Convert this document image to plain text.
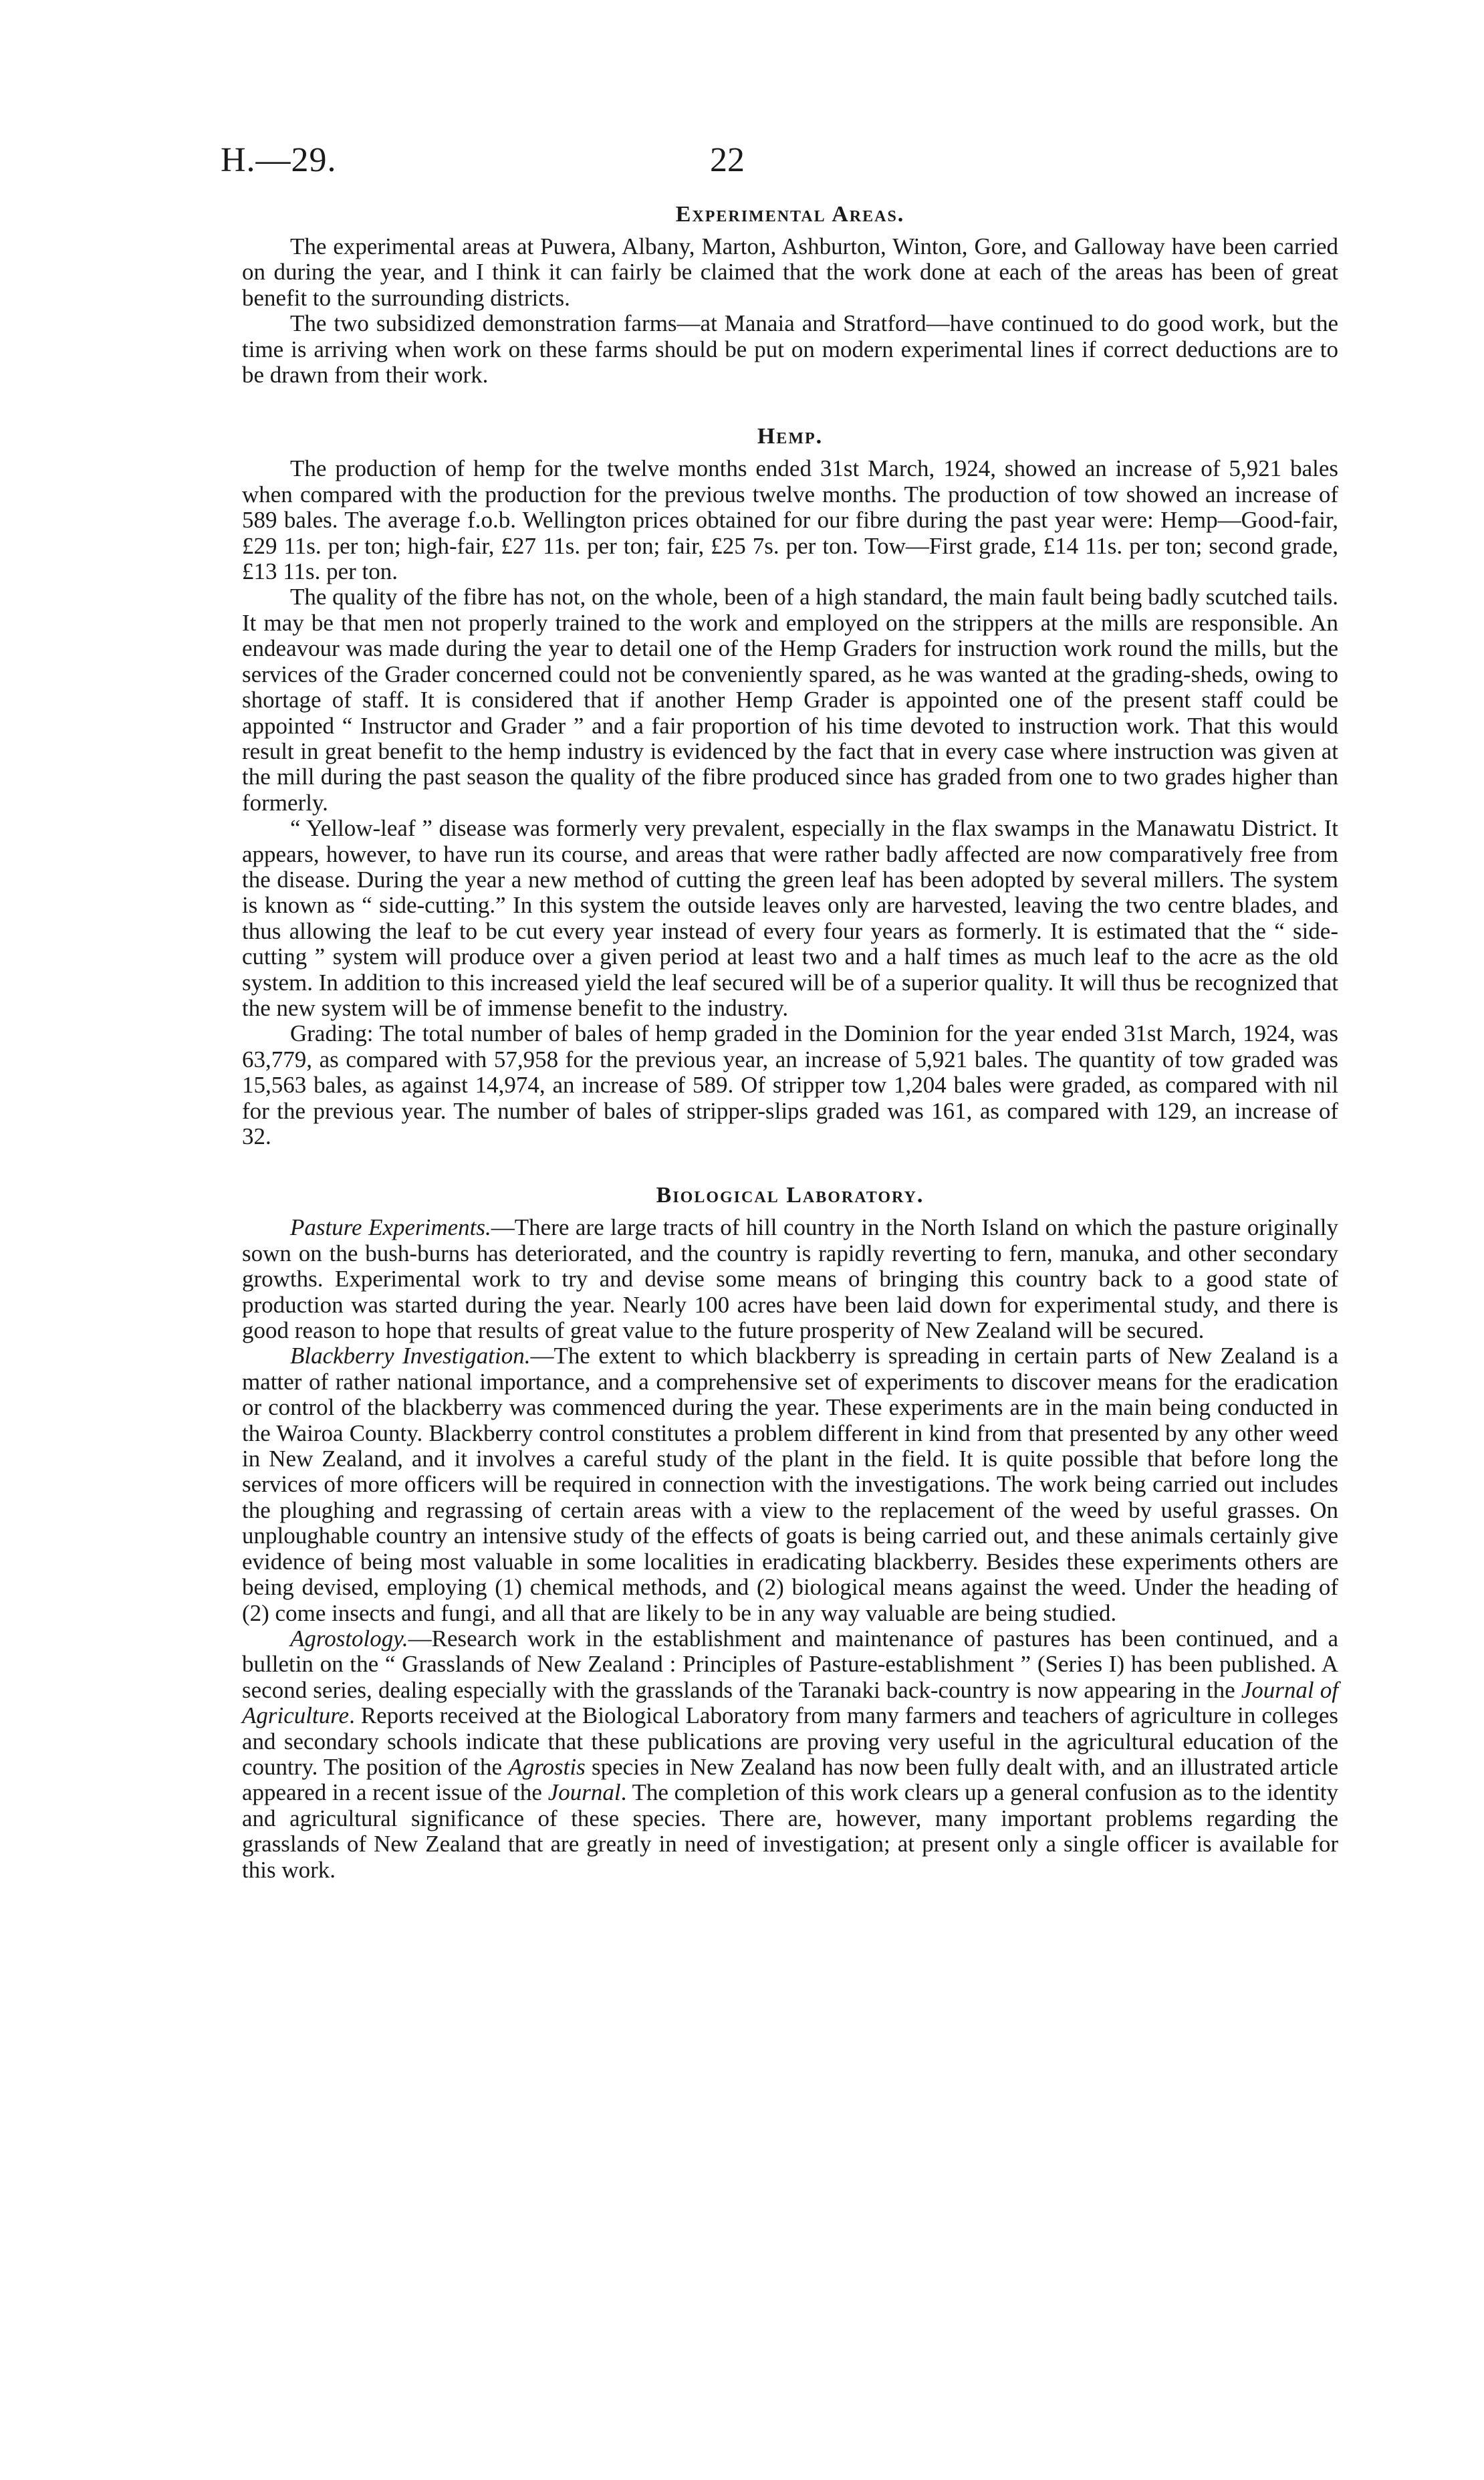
H.—29.	22
Experimental Areas.

The experimental areas at Puwera, Albany, Marton, Ashburton, Winton, Gore, and Galloway have been carried on during the year, and I think it can fairly be claimed that the work done at each of the areas has been of great benefit to the surrounding districts.

The two subsidized demonstration farms—at Manaia and Stratford—have continued to do good work, but the time is arriving when work on these farms should be put on modern experimental lines if correct deductions are to be drawn from their work.

Hemp.

The production of hemp for the twelve months ended 31st March, 1924, showed an increase of 5,921 bales when compared with the production for the previous twelve months. The production of tow showed an increase of 589 bales. The average f.o.b. Wellington prices obtained for our fibre during the past year were: Hemp—Good-fair, £29 11s. per ton; high-fair, £27 11s. per ton; fair, £25 7s. per ton. Tow—First grade, £14 11s. per ton; second grade, £13 11s. per ton.

The quality of the fibre has not, on the whole, been of a high standard, the main fault being badly scutched tails. It may be that men not properly trained to the work and employed on the strippers at the mills are responsible. An endeavour was made during the year to detail one of the Hemp Graders for instruction work round the mills, but the services of the Grader concerned could not be conveniently spared, as he was wanted at the grading-sheds, owing to shortage of staff. It is considered that if another Hemp Grader is appointed one of the present staff could be appointed “ Instructor and Grader ” and a fair proportion of his time devoted to instruction work. That this would result in great benefit to the hemp industry is evidenced by the fact that in every case where instruction was given at the mill during the past season the quality of the fibre produced since has graded from one to two grades higher than formerly.

“ Yellow-leaf ” disease was formerly very prevalent, especially in the flax swamps in the Manawatu District. It appears, however, to have run its course, and areas that were rather badly affected are now comparatively free from the disease. During the year a new method of cutting the green leaf has been adopted by several millers. The system is known as “ side-cutting.” In this system the outside leaves only are harvested, leaving the two centre blades, and thus allowing the leaf to be cut every year instead of every four years as formerly. It is estimated that the “ side-cutting ” system will produce over a given period at least two and a half times as much leaf to the acre as the old system. In addition to this increased yield the leaf secured will be of a superior quality. It will thus be recognized that the new system will be of immense benefit to the industry.

Grading: The total number of bales of hemp graded in the Dominion for the year ended 31st March, 1924, was 63,779, as compared with 57,958 for the previous year, an increase of 5,921 bales. The quantity of tow graded was 15,563 bales, as against 14,974, an increase of 589. Of stripper tow 1,204 bales were graded, as compared with nil for the previous year. The number of bales of stripper-slips graded was 161, as compared with 129, an increase of 32.

Biological Laboratory.

Pasture Experiments.—There are large tracts of hill country in the North Island on which the pasture originally sown on the bush-burns has deteriorated, and the country is rapidly reverting to fern, manuka, and other secondary growths. Experimental work to try and devise some means of bringing this country back to a good state of production was started during the year. Nearly 100 acres have been laid down for experimental study, and there is good reason to hope that results of great value to the future prosperity of New Zealand will be secured.

Blackberry Investigation.—The extent to which blackberry is spreading in certain parts of New Zealand is a matter of rather national importance, and a comprehensive set of experiments to discover means for the eradication or control of the blackberry was commenced during the year. These experiments are in the main being conducted in the Wairoa County. Blackberry control constitutes a problem different in kind from that presented by any other weed in New Zealand, and it involves a careful study of the plant in the field. It is quite possible that before long the services of more officers will be required in connection with the investigations. The work being carried out includes the ploughing and regrassing of certain areas with a view to the replacement of the weed by useful grasses. On unploughable country an intensive study of the effects of goats is being carried out, and these animals certainly give evidence of being most valuable in some localities in eradicating blackberry. Besides these experiments others are being devised, employing (1) chemical methods, and (2) biological means against the weed. Under the heading of (2) come insects and fungi, and all that are likely to be in any way valuable are being studied.

Agrostology.—Research work in the establishment and maintenance of pastures has been continued, and a bulletin on the “ Grasslands of New Zealand : Principles of Pasture-establishment ” (Series I) has been published. A second series, dealing especially with the grasslands of the Taranaki back-country is now appearing in the Journal of Agriculture. Reports received at the Biological Laboratory from many farmers and teachers of agriculture in colleges and secondary schools indicate that these publications are proving very useful in the agricultural education of the country. The position of the Agrostis species in New Zealand has now been fully dealt with, and an illustrated article appeared in a recent issue of the Journal. The completion of this work clears up a general confusion as to the identity and agricultural significance of these species. There are, however, many important problems regarding the grasslands of New Zealand that are greatly in need of investigation; at present only a single officer is available for this work.
